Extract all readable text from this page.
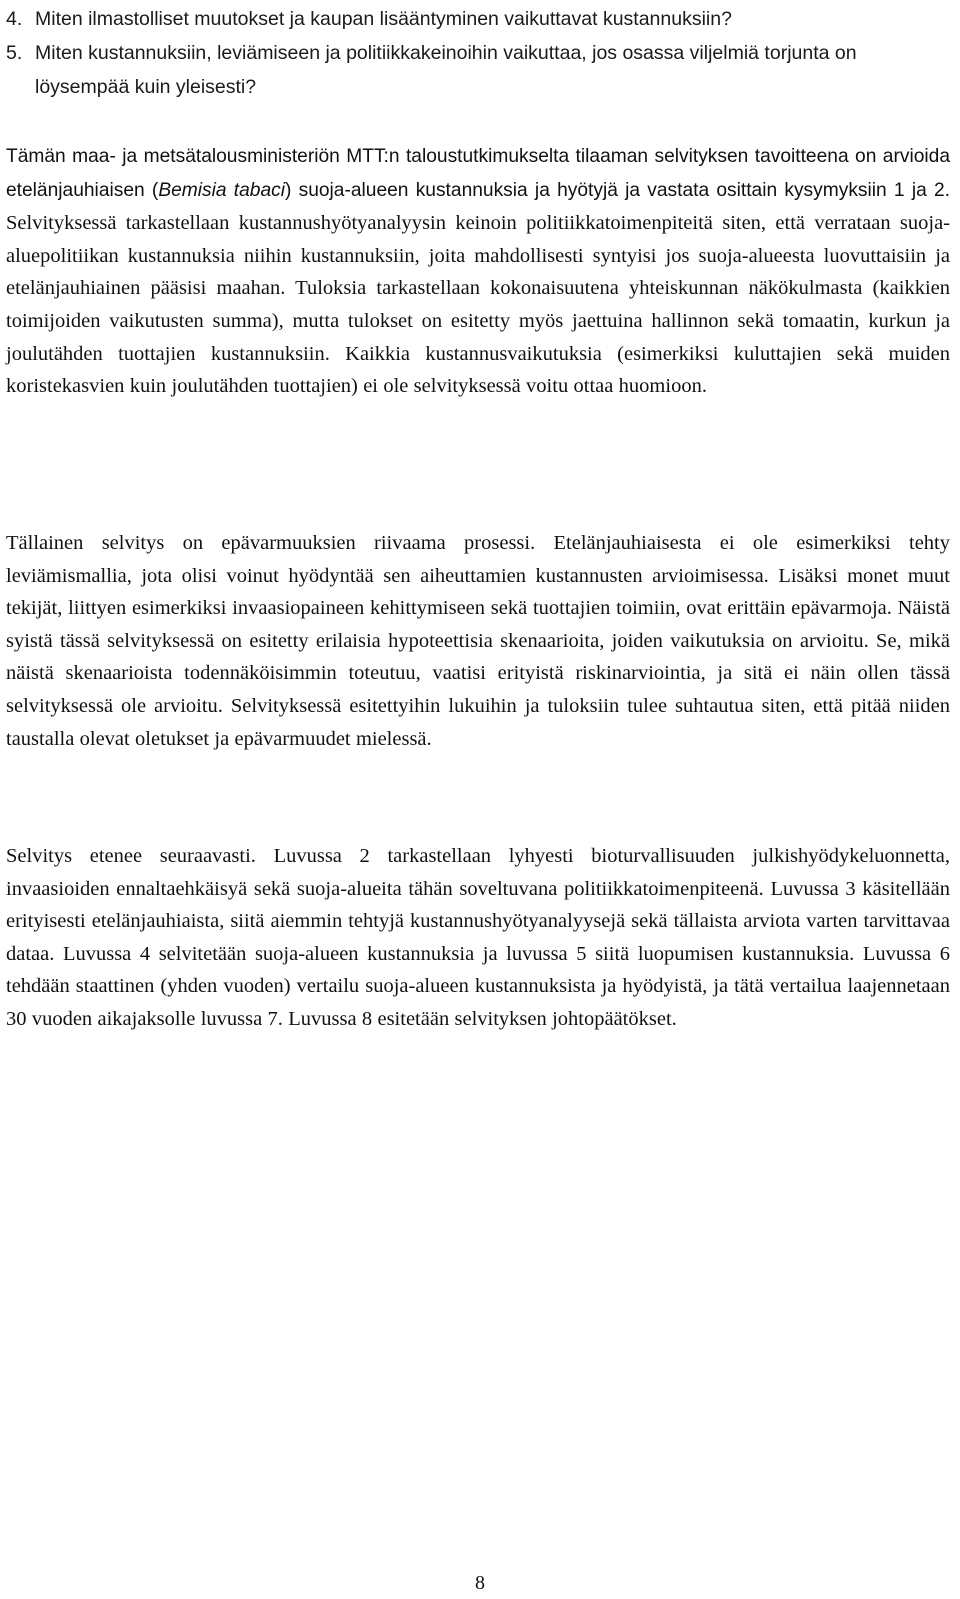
4. Miten ilmastolliset muutokset ja kaupan lisääntyminen vaikuttavat kustannuksiin?
5. Miten kustannuksiin, leviämiseen ja politiikkakeinoihin vaikuttaa, jos osassa viljelmiä torjunta on löysempää kuin yleisesti?

Tämän maa- ja metsätalousministeriön MTT:n taloustutkimukselta tilaaman selvityksen tavoitteena on arvioida etelänjauhiaisen (Bemisia tabaci) suoja-alueen kustannuksia ja hyötyjä ja vastata osittain kysymyksiin 1 ja 2. Selvityksessä tarkastellaan kustannushyötyanalyysin keinoin politiikkatoimenpiteitä siten, että verrataan suoja-aluepolitiikan kustannuksia niihin kustannuksiin, joita mahdollisesti syntyisi jos suoja-alueesta luovuttaisiin ja etelänjauhiainen pääsisi maahan. Tuloksia tarkastellaan kokonaisuutena yhteiskunnan näkökulmasta (kaikkien toimijoiden vaikutusten summa), mutta tulokset on esitetty myös jaettuina hallinnon sekä tomaatin, kurkun ja joulutähden tuottajien kustannuksiin. Kaikkia kustannusvaikutuksia (esimerkiksi kuluttajien sekä muiden koristekasvien kuin joulutähden tuottajien) ei ole selvityksessä voitu ottaa huomioon.

Tällainen selvitys on epävarmuuksien riivaama prosessi. Etelänjauhiaisesta ei ole esimerkiksi tehty leviämismallia, jota olisi voinut hyödyntää sen aiheuttamien kustannusten arvioimisessa. Lisäksi monet muut tekijät, liittyen esimerkiksi invaasiopaineen kehittymiseen sekä tuottajien toimiin, ovat erittäin epävarmoja. Näistä syistä tässä selvityksessä on esitetty erilaisia hypoteettisia skenaarioita, joiden vaikutuksia on arvioitu. Se, mikä näistä skenaarioista todennäköisimmin toteutuu, vaatisi erityistä riskinarviointia, ja sitä ei näin ollen tässä selvityksessä ole arvioitu. Selvityksessä esitettyihin lukuihin ja tuloksiin tulee suhtautua siten, että pitää niiden taustalla olevat oletukset ja epävarmuudet mielessä.

Selvitys etenee seuraavasti. Luvussa 2 tarkastellaan lyhyesti bioturvallisuuden julkishyödykeluonnetta, invaasioiden ennaltaehkäisyä sekä suoja-alueita tähän soveltuvana politiikkatoimenpiteenä. Luvussa 3 käsitellään erityisesti etelänjauhiaista, siitä aiemmin tehtyjä kustannushyötyanalyysejä sekä tällaista arviota varten tarvittavaa dataa. Luvussa 4 selvitetään suoja-alueen kustannuksia ja luvussa 5 siitä luopumisen kustannuksia. Luvussa 6 tehdään staattinen (yhden vuoden) vertailu suoja-alueen kustannuksista ja hyödyistä, ja tätä vertailua laajennetaan 30 vuoden aikajaksolle luvussa 7. Luvussa 8 esitetään selvityksen johtopäätökset.

8
